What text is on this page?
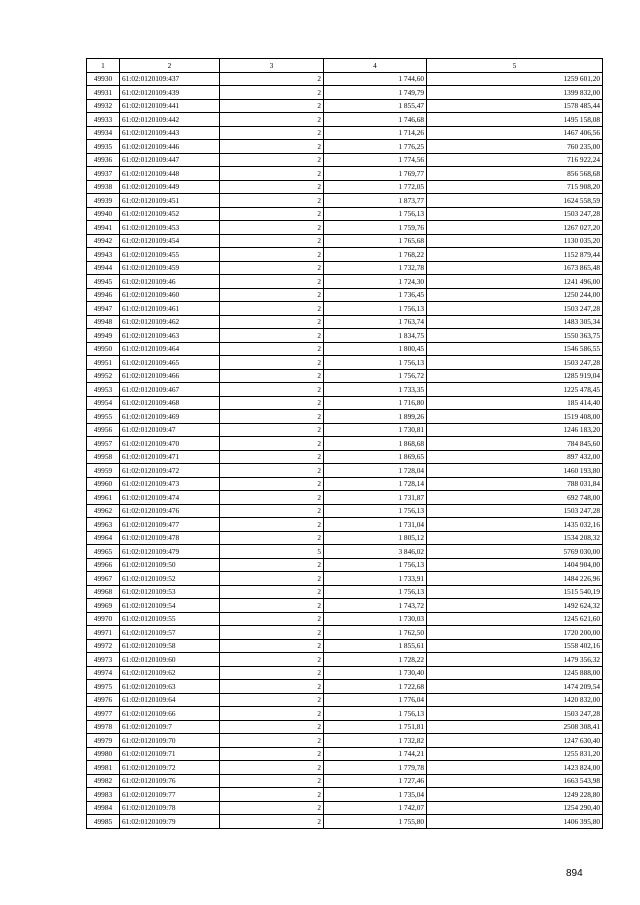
1	2	3	4	5
49930	61:02:0120109:437	2	1 744,60	1259 601,20
49931	61:02:0120109:439	2	1 749,79	1399 832,00
49932	61:02:0120109:441	2	1 855,47	1578 485,44
49933	61:02:0120109:442	2	1 746,68	1495 158,08
49934	61:02:0120109:443	2	1 714,26	1467 406,56
49935	61:02:0120109:446	2	1 776,25	760 235,00
49936	61:02:0120109:447	2	1 774,56	716 922,24
49937	61:02:0120109:448	2	1 769,77	856 568,68
49938	61:02:0120109:449	2	1 772,05	715 908,20
49939	61:02:0120109:451	2	1 873,77	1624 558,59
49940	61:02:0120109:452	2	1 756,13	1503 247,28
49941	61:02:0120109:453	2	1 759,76	1267 027,20
49942	61:02:0120109:454	2	1 765,68	1130 035,20
49943	61:02:0120109:455	2	1 768,22	1152 879,44
49944	61:02:0120109:459	2	1 732,78	1673 865,48
49945	61:02:0120109:46	2	1 724,30	1241 496,00
49946	61:02:0120109:460	2	1 736,45	1250 244,00
49947	61:02:0120109:461	2	1 756,13	1503 247,28
49948	61:02:0120109:462	2	1 763,74	1483 305,34
49949	61:02:0120109:463	2	1 834,75	1550 363,75
49950	61:02:0120109:464	2	1 800,45	1546 586,55
49951	61:02:0120109:465	2	1 756,13	1503 247,28
49952	61:02:0120109:466	2	1 756,72	1285 919,04
49953	61:02:0120109:467	2	1 733,35	1225 478,45
49954	61:02:0120109:468	2	1 716,80	185 414,40
49955	61:02:0120109:469	2	1 899,26	1519 408,00
49956	61:02:0120109:47	2	1 730,81	1246 183,20
49957	61:02:0120109:470	2	1 868,68	784 845,60
49958	61:02:0120109:471	2	1 869,65	897 432,00
49959	61:02:0120109:472	2	1 728,04	1460 193,80
49960	61:02:0120109:473	2	1 728,14	788 031,84
49961	61:02:0120109:474	2	1 731,87	692 748,00
49962	61:02:0120109:476	2	1 756,13	1503 247,28
49963	61:02:0120109:477	2	1 731,04	1435 032,16
49964	61:02:0120109:478	2	1 805,12	1534 208,32
49965	61:02:0120109:479	5	3 846,02	5769 030,00
49966	61:02:0120109:50	2	1 756,13	1404 904,00
49967	61:02:0120109:52	2	1 733,91	1484 226,96
49968	61:02:0120109:53	2	1 756,13	1515 540,19
49969	61:02:0120109:54	2	1 743,72	1492 624,32
49970	61:02:0120109:55	2	1 730,03	1245 621,60
49971	61:02:0120109:57	2	1 762,50	1720 200,00
49972	61:02:0120109:58	2	1 855,61	1558 402,16
49973	61:02:0120109:60	2	1 728,22	1479 356,32
49974	61:02:0120109:62	2	1 730,40	1245 888,00
49975	61:02:0120109:63	2	1 722,68	1474 209,54
49976	61:02:0120109:64	2	1 776,04	1420 832,00
49977	61:02:0120109:66	2	1 756,13	1503 247,28
49978	61:02:0120109:7	2	1 751,81	2508 308,41
49979	61:02:0120109:70	2	1 732,82	1247 630,40
49980	61:02:0120109:71	2	1 744,21	1255 831,20
49981	61:02:0120109:72	2	1 779,78	1423 824,00
49982	61:02:0120109:76	2	1 727,46	1663 543,98
49983	61:02:0120109:77	2	1 735,04	1249 228,80
49984	61:02:0120109:78	2	1 742,07	1254 290,40
49985	61:02:0120109:79	2	1 755,80	1406 395,80
894
